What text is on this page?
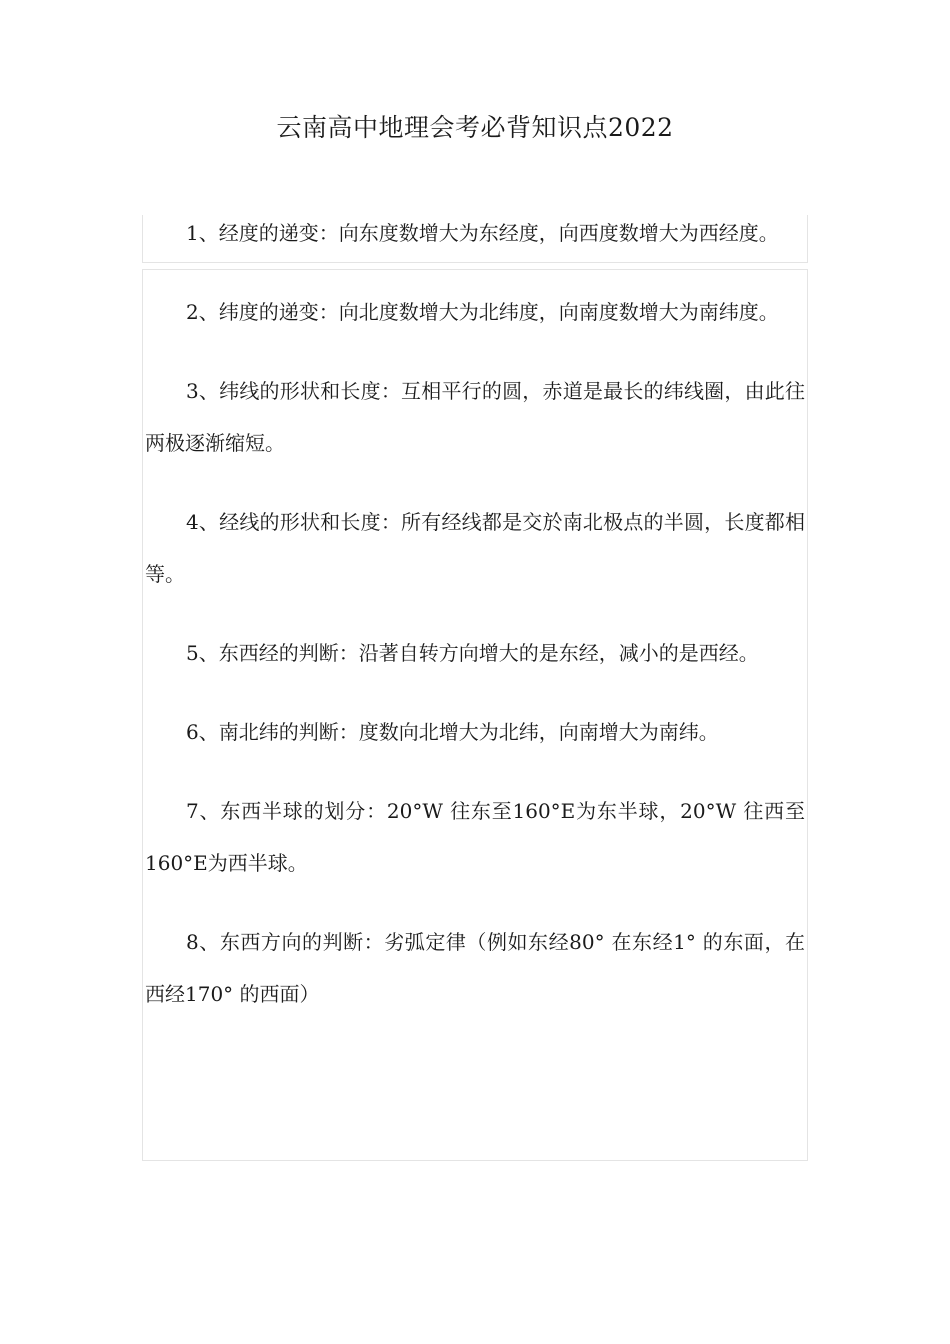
云南高中地理会考必背知识点2022

1、经度的递变：向东度数增大为东经度，向西度数增大为西经度。

2、纬度的递变：向北度数增大为北纬度，向南度数增大为南纬度。

3、纬线的形状和长度：互相平行的圆，赤道是最长的纬线圈，由此往两极逐渐缩短。

4、经线的形状和长度：所有经线都是交於南北极点的半圆，长度都相等。

5、东西经的判断：沿著自转方向增大的是东经，减小的是西经。

6、南北纬的判断：度数向北增大为北纬，向南增大为南纬。

7、东西半球的划分：20°W 往东至160°E为东半球，20°W 往西至160°E为西半球。

8、东西方向的判断：劣弧定律（例如东经80° 在东经1° 的东面，在西经170° 的西面）
